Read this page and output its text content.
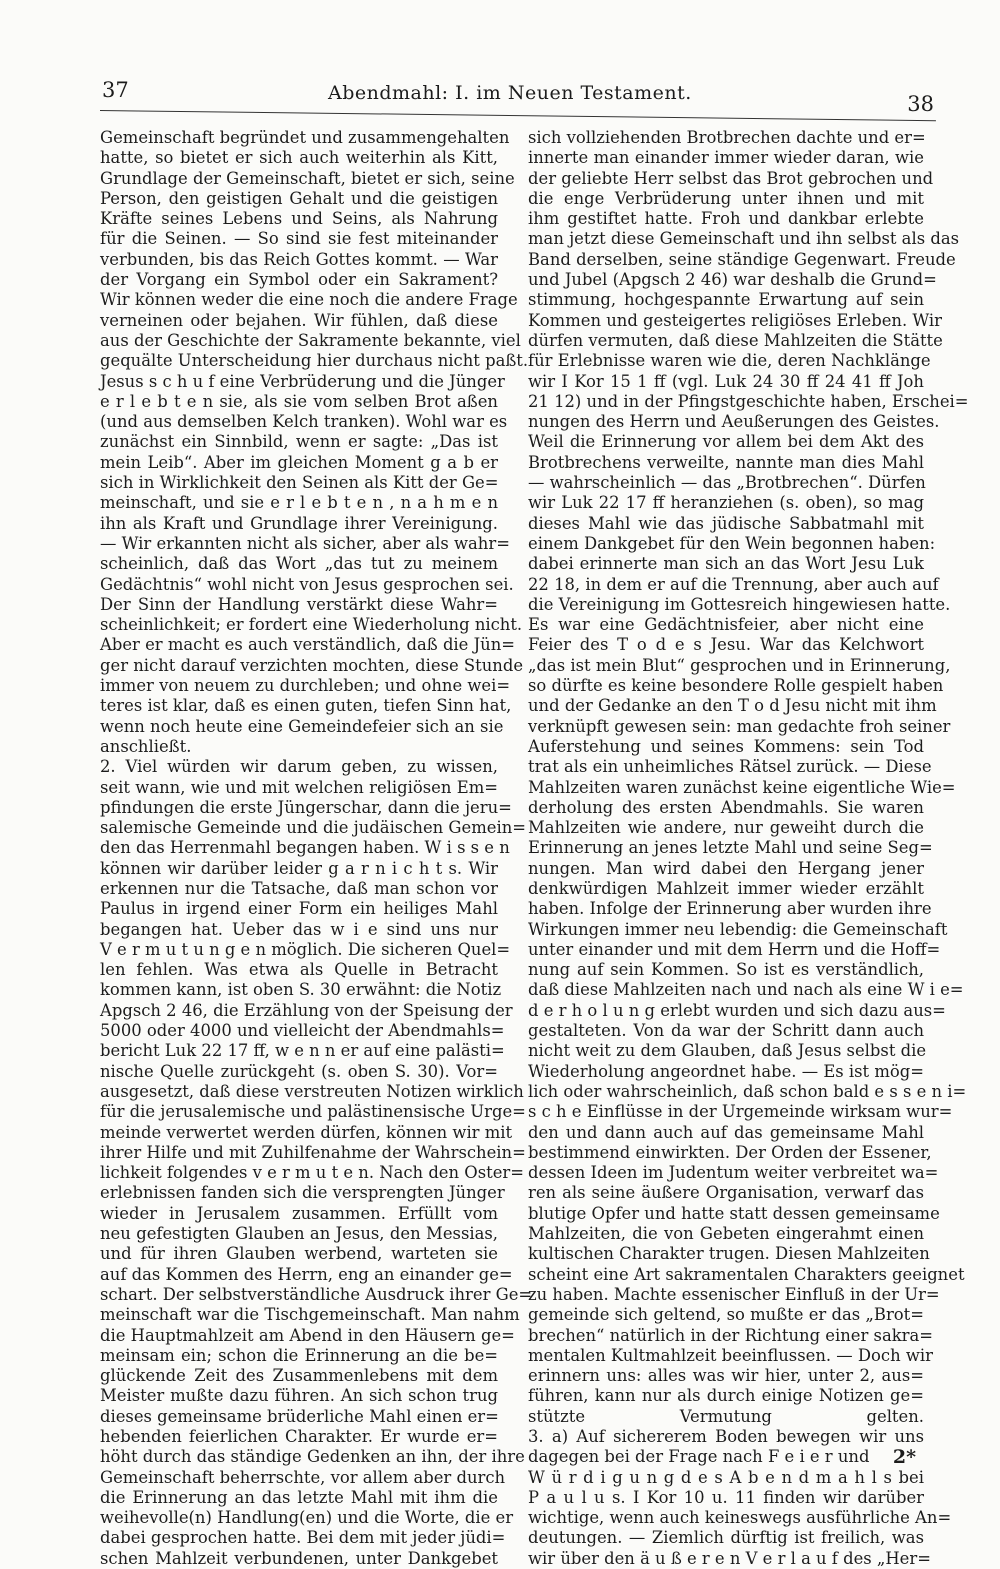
37	Abendmahl: I. im Neuen Testament.	38
Gemeinschaft begründet und zusammengehalten
hatte, so bietet er sich auch weiterhin als Kitt,
Grundlage der Gemeinschaft, bietet er sich, seine
Person, den geistigen Gehalt und die geistigen
Kräfte seines Lebens und Seins, als Nahrung
für die Seinen. — So sind sie fest miteinander
verbunden, bis das Reich Gottes kommt. — War
der Vorgang ein Symbol oder ein Sakrament?
Wir können weder die eine noch die andere Frage
verneinen oder bejahen. Wir fühlen, daß diese
aus der Geschichte der Sakramente bekannte, viel
gequälte Unterscheidung hier durchaus nicht paßt.
Jesus s c h u f eine Verbrüderung und die Jünger
e r l e b t e n sie, als sie vom selben Brot aßen
(und aus demselben Kelch tranken). Wohl war es
zunächst ein Sinnbild, wenn er sagte: „Das ist
mein Leib“. Aber im gleichen Moment g a b er
sich in Wirklichkeit den Seinen als Kitt der Ge=
meinschaft, und sie e r l e b t e n , n a h m e n
ihn als Kraft und Grundlage ihrer Vereinigung.
— Wir erkannten nicht als sicher, aber als wahr=
scheinlich, daß das Wort „das tut zu meinem
Gedächtnis“ wohl nicht von Jesus gesprochen sei.
Der Sinn der Handlung verstärkt diese Wahr=
scheinlichkeit; er fordert eine Wiederholung nicht.
Aber er macht es auch verständlich, daß die Jün=
ger nicht darauf verzichten mochten, diese Stunde
immer von neuem zu durchleben; und ohne wei=
teres ist klar, daß es einen guten, tiefen Sinn hat,
wenn noch heute eine Gemeindefeier sich an sie
anschließt.
2. Viel würden wir darum geben, zu wissen,
seit wann, wie und mit welchen religiösen Em=
pfindungen die erste Jüngerschar, dann die jeru=
salemische Gemeinde und die judäischen Gemein=
den das Herrenmahl begangen haben. W i s s e n
können wir darüber leider g a r n i c h t s. Wir
erkennen nur die Tatsache, daß man schon vor
Paulus in irgend einer Form ein heiliges Mahl
begangen hat. Ueber das w i e sind uns nur
V e r m u t u n g e n möglich. Die sicheren Quel=
len fehlen. Was etwa als Quelle in Betracht
kommen kann, ist oben S. 30 erwähnt: die Notiz
Apgsch 2 46, die Erzählung von der Speisung der
5000 oder 4000 und vielleicht der Abendmahls=
bericht Luk 22 17 ff, w e n n er auf eine palästi=
nische Quelle zurückgeht (s. oben S. 30). Vor=
ausgesetzt, daß diese verstreuten Notizen wirklich
für die jerusalemische und palästinensische Urge=
meinde verwertet werden dürfen, können wir mit
ihrer Hilfe und mit Zuhilfenahme der Wahrschein=
lichkeit folgendes v e r m u t e n. Nach den Oster=
erlebnissen fanden sich die versprengten Jünger
wieder in Jerusalem zusammen. Erfüllt vom
neu gefestigten Glauben an Jesus, den Messias,
und für ihren Glauben werbend, warteten sie
auf das Kommen des Herrn, eng an einander ge=
schart. Der selbstverständliche Ausdruck ihrer Ge=
meinschaft war die Tischgemeinschaft. Man nahm
die Hauptmahlzeit am Abend in den Häusern ge=
meinsam ein; schon die Erinnerung an die be=
glückende Zeit des Zusammenlebens mit dem
Meister mußte dazu führen. An sich schon trug
dieses gemeinsame brüderliche Mahl einen er=
hebenden feierlichen Charakter. Er wurde er=
höht durch das ständige Gedenken an ihn, der ihre
Gemeinschaft beherrschte, vor allem aber durch
die Erinnerung an das letzte Mahl mit ihm die
weihevolle(n) Handlung(en) und die Worte, die er
dabei gesprochen hatte. Bei dem mit jeder jüdi=
schen Mahlzeit verbundenen, unter Dankgebet
sich vollziehenden Brotbrechen dachte und er=
innerte man einander immer wieder daran, wie
der geliebte Herr selbst das Brot gebrochen und
die enge Verbrüderung unter ihnen und mit
ihm gestiftet hatte. Froh und dankbar erlebte
man jetzt diese Gemeinschaft und ihn selbst als das
Band derselben, seine ständige Gegenwart. Freude
und Jubel (Apgsch 2 46) war deshalb die Grund=
stimmung, hochgespannte Erwartung auf sein
Kommen und gesteigertes religiöses Erleben. Wir
dürfen vermuten, daß diese Mahlzeiten die Stätte
für Erlebnisse waren wie die, deren Nachklänge
wir I Kor 15 1 ff (vgl. Luk 24 30 ff 24 41 ff Joh
21 12) und in der Pfingstgeschichte haben, Erschei=
nungen des Herrn und Aeußerungen des Geistes.
Weil die Erinnerung vor allem bei dem Akt des
Brotbrechens verweilte, nannte man dies Mahl
— wahrscheinlich — das „Brotbrechen“. Dürfen
wir Luk 22 17 ff heranziehen (s. oben), so mag
dieses Mahl wie das jüdische Sabbatmahl mit
einem Dankgebet für den Wein begonnen haben:
dabei erinnerte man sich an das Wort Jesu Luk
22 18, in dem er auf die Trennung, aber auch auf
die Vereinigung im Gottesreich hingewiesen hatte.
Es war eine Gedächtnisfeier, aber nicht eine
Feier des T o d e s Jesu. War das Kelchwort
„das ist mein Blut“ gesprochen und in Erinnerung,
so dürfte es keine besondere Rolle gespielt haben
und der Gedanke an den T o d Jesu nicht mit ihm
verknüpft gewesen sein: man gedachte froh seiner
Auferstehung und seines Kommens: sein Tod
trat als ein unheimliches Rätsel zurück. — Diese
Mahlzeiten waren zunächst keine eigentliche Wie=
derholung des ersten Abendmahls. Sie waren
Mahlzeiten wie andere, nur geweiht durch die
Erinnerung an jenes letzte Mahl und seine Seg=
nungen. Man wird dabei den Hergang jener
denkwürdigen Mahlzeit immer wieder erzählt
haben. Infolge der Erinnerung aber wurden ihre
Wirkungen immer neu lebendig: die Gemeinschaft
unter einander und mit dem Herrn und die Hoff=
nung auf sein Kommen. So ist es verständlich,
daß diese Mahlzeiten nach und nach als eine W i e=
d e r h o l u n g erlebt wurden und sich dazu aus=
gestalteten. Von da war der Schritt dann auch
nicht weit zu dem Glauben, daß Jesus selbst die
Wiederholung angeordnet habe. — Es ist mög=
lich oder wahrscheinlich, daß schon bald e s s e n i=
s c h e Einflüsse in der Urgemeinde wirksam wur=
den und dann auch auf das gemeinsame Mahl
bestimmend einwirkten. Der Orden der Essener,
dessen Ideen im Judentum weiter verbreitet wa=
ren als seine äußere Organisation, verwarf das
blutige Opfer und hatte statt dessen gemeinsame
Mahlzeiten, die von Gebeten eingerahmt einen
kultischen Charakter trugen. Diesen Mahlzeiten
scheint eine Art sakramentalen Charakters geeignet
zu haben. Machte essenischer Einfluß in der Ur=
gemeinde sich geltend, so mußte er das „Brot=
brechen“ natürlich in der Richtung einer sakra=
mentalen Kultmahlzeit beeinflussen. — Doch wir
erinnern uns: alles was wir hier, unter 2, aus=
führen, kann nur als durch einige Notizen ge=
stützte Vermutung gelten.
3. a) Auf sichererem Boden bewegen wir uns
dagegen bei der Frage nach F e i e r und
W ü r d i g u n g d e s A b e n d m a h l s bei
P a u l u s. I Kor 10 u. 11 finden wir darüber
wichtige, wenn auch keineswegs ausführliche An=
deutungen. — Ziemlich dürftig ist freilich, was
wir über den ä u ß e r e n V e r l a u f des „Her=
2*
